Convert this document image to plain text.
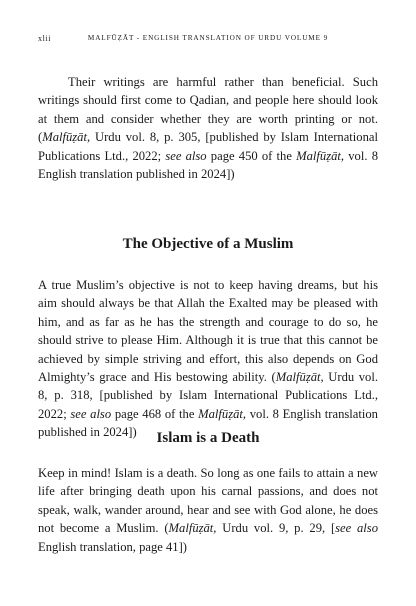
xlii	MALFŪẒĀT - ENGLISH TRANSLATION OF URDU VOLUME 9

Their writings are harmful rather than beneficial. Such writings should first come to Qadian, and people here should look at them and consider whether they are worth printing or not. (Malfūẓāt, Urdu vol. 8, p. 305, [published by Islam International Publications Ltd., 2022; see also page 450 of the Malfūẓāt, vol. 8 English translation published in 2024])

The Objective of a Muslim

A true Muslim’s objective is not to keep having dreams, but his aim should always be that Allah the Exalted may be pleased with him, and as far as he has the strength and courage to do so, he should strive to please Him. Although it is true that this cannot be achieved by simple striving and effort, this also depends on God Almighty’s grace and His bestowing ability. (Malfūẓāt, Urdu vol. 8, p. 318, [published by Islam International Publications Ltd., 2022; see also page 468 of the Malfūẓāt, vol. 8 English translation published in 2024])	Islam is a Death

Keep in mind! Islam is a death. So long as one fails to attain a new life after bringing death upon his carnal passions, and does not speak, walk, wander around, hear and see with God alone, he does not become a Muslim. (Malfūẓāt, Urdu vol. 9, p. 29, [see also English translation, page 41])
